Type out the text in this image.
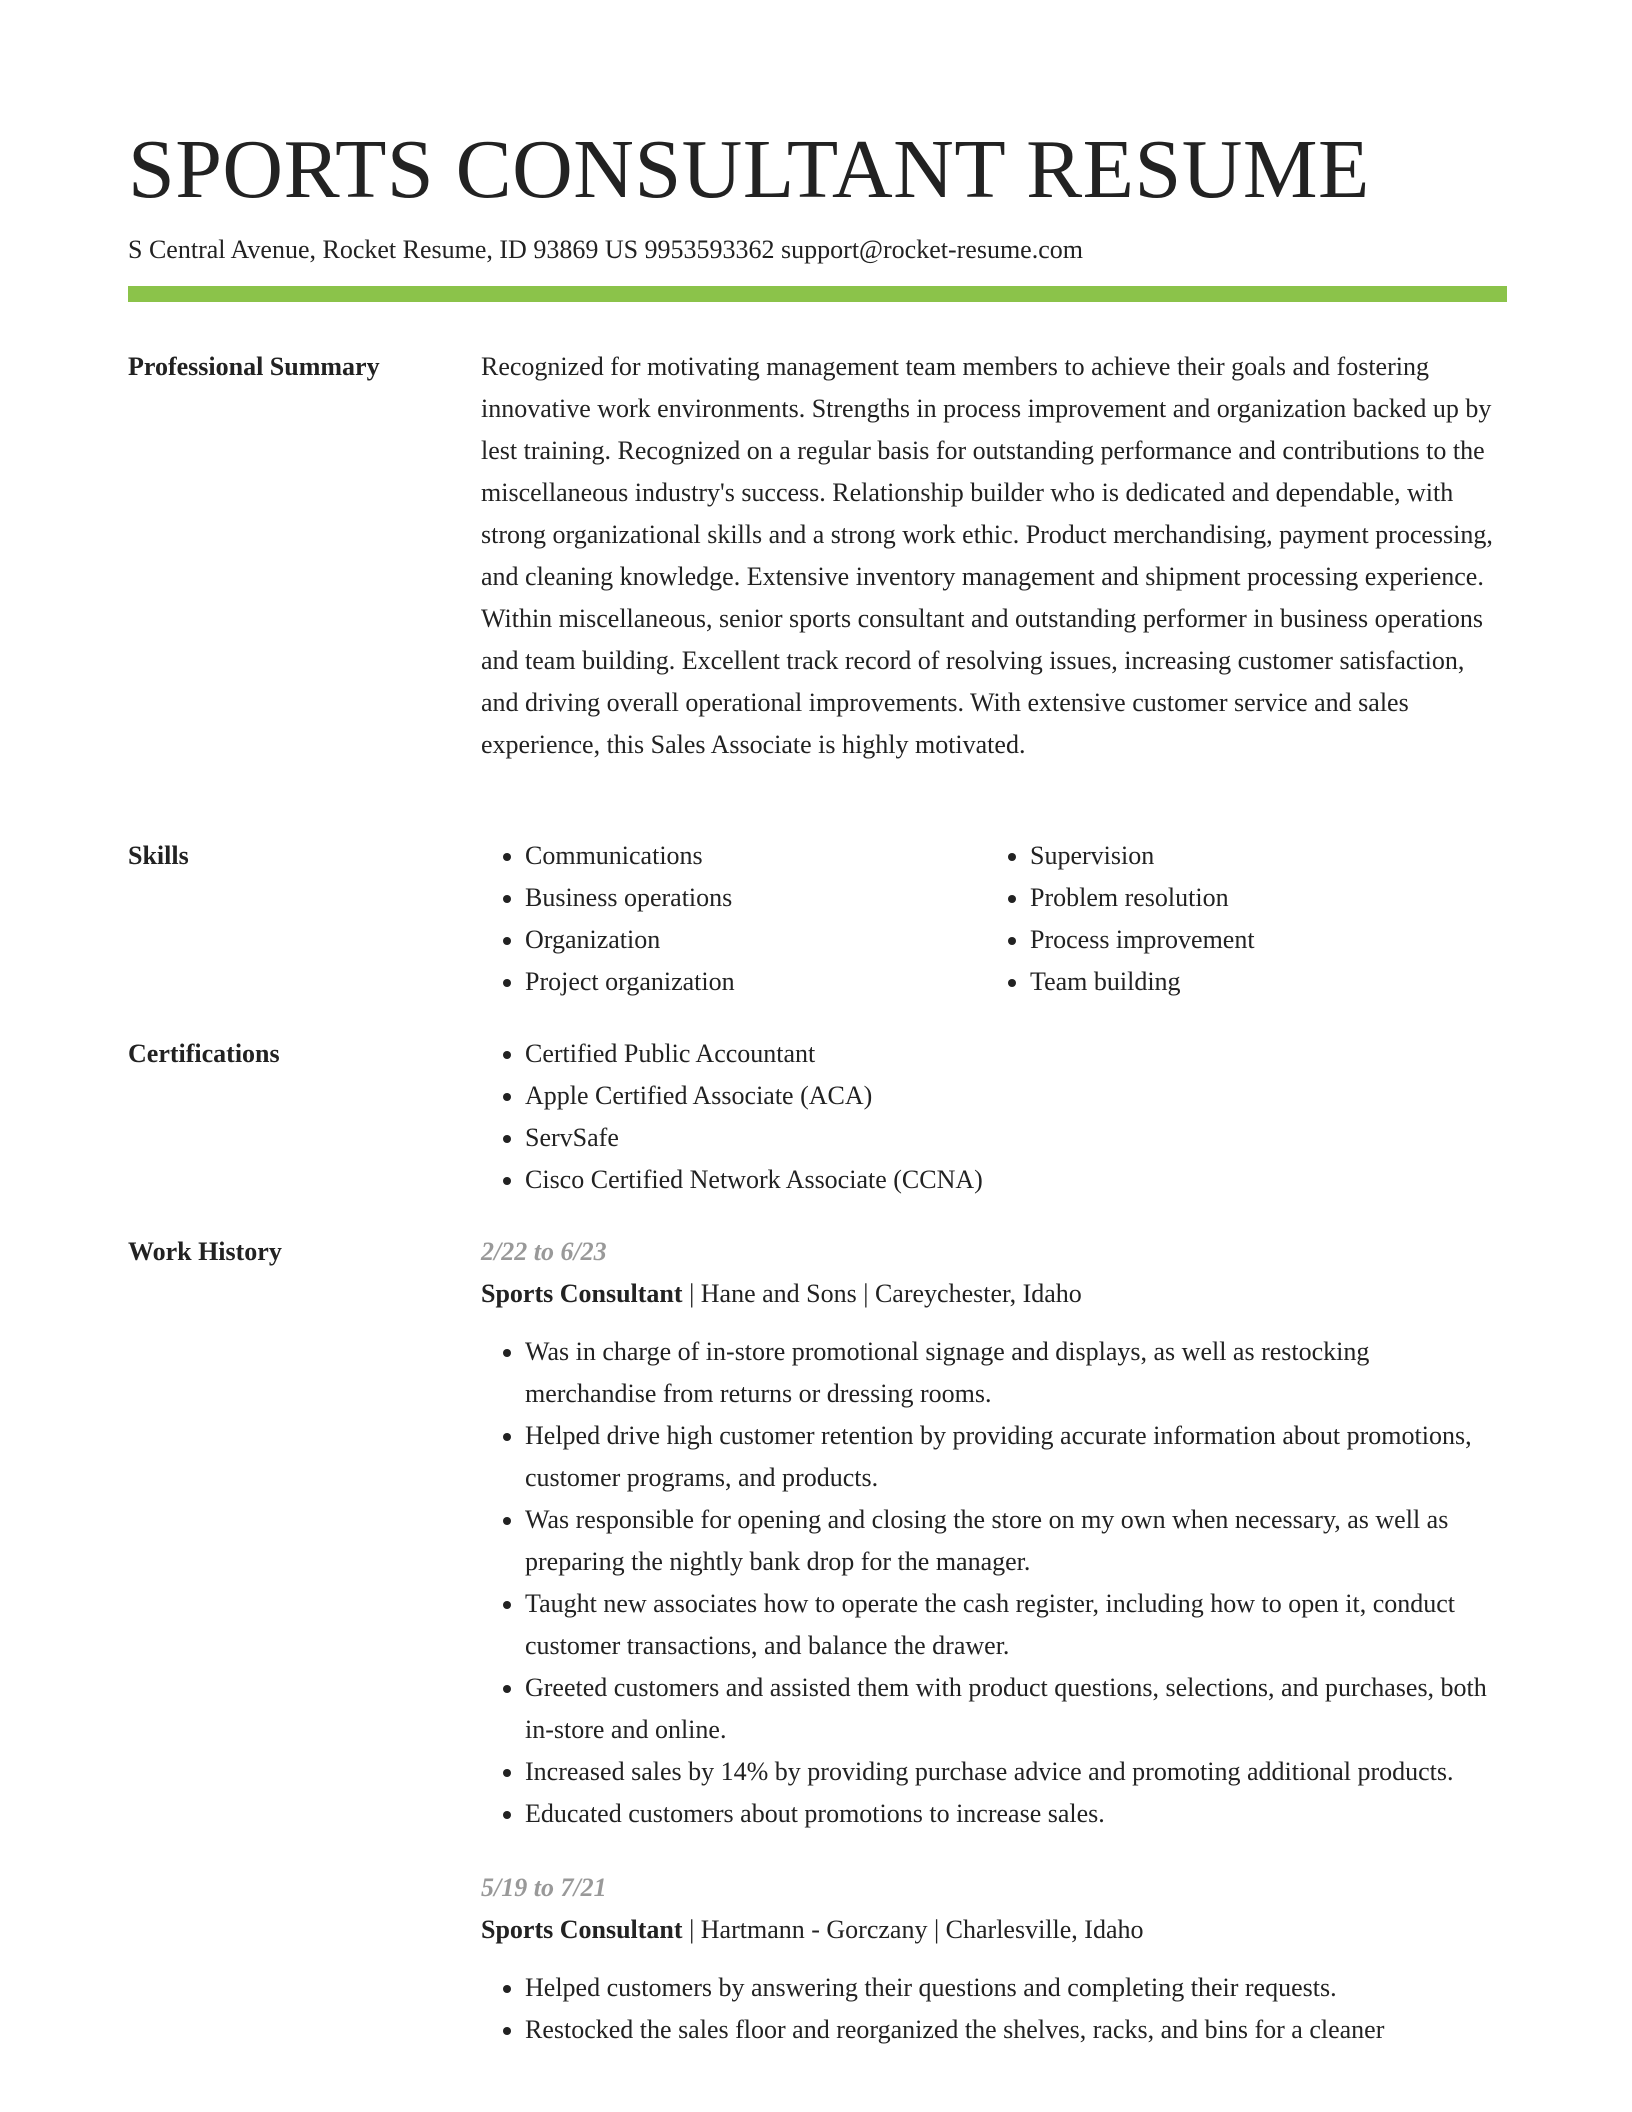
SPORTS CONSULTANT RESUME
S Central Avenue, Rocket Resume, ID 93869 US 9953593362 support@rocket-resume.com
Professional Summary	Recognized for motivating management team members to achieve their goals and fostering innovative work environments. Strengths in process improvement and organization backed up by lest training. Recognized on a regular basis for outstanding performance and contributions to the miscellaneous industry's success. Relationship builder who is dedicated and dependable, with strong organizational skills and a strong work ethic. Product merchandising, payment processing, and cleaning knowledge. Extensive inventory management and shipment processing experience. Within miscellaneous, senior sports consultant and outstanding performer in business operations and team building. Excellent track record of resolving issues, increasing customer satisfaction, and driving overall operational improvements. With extensive customer service and sales experience, this Sales Associate is highly motivated.

Skills	• Communications
• Business operations
• Organization
• Project organization
• Supervision
• Problem resolution
• Process improvement
• Team building
Certifications	• Certified Public Accountant
• Apple Certified Associate (ACA)
• ServSafe
• Cisco Certified Network Associate (CCNA)
Work History	2/22 to 6/23
Sports Consultant | Hane and Sons | Careychester, Idaho
• Was in charge of in-store promotional signage and displays, as well as restocking merchandise from returns or dressing rooms.
• Helped drive high customer retention by providing accurate information about promotions, customer programs, and products.
• Was responsible for opening and closing the store on my own when necessary, as well as preparing the nightly bank drop for the manager.
• Taught new associates how to operate the cash register, including how to open it, conduct customer transactions, and balance the drawer.
• Greeted customers and assisted them with product questions, selections, and purchases, both in-store and online.
• Increased sales by 14% by providing purchase advice and promoting additional products.
• Educated customers about promotions to increase sales.
5/19 to 7/21
Sports Consultant | Hartmann - Gorczany | Charlesville, Idaho
• Helped customers by answering their questions and completing their requests.
• Restocked the sales floor and reorganized the shelves, racks, and bins for a cleaner
